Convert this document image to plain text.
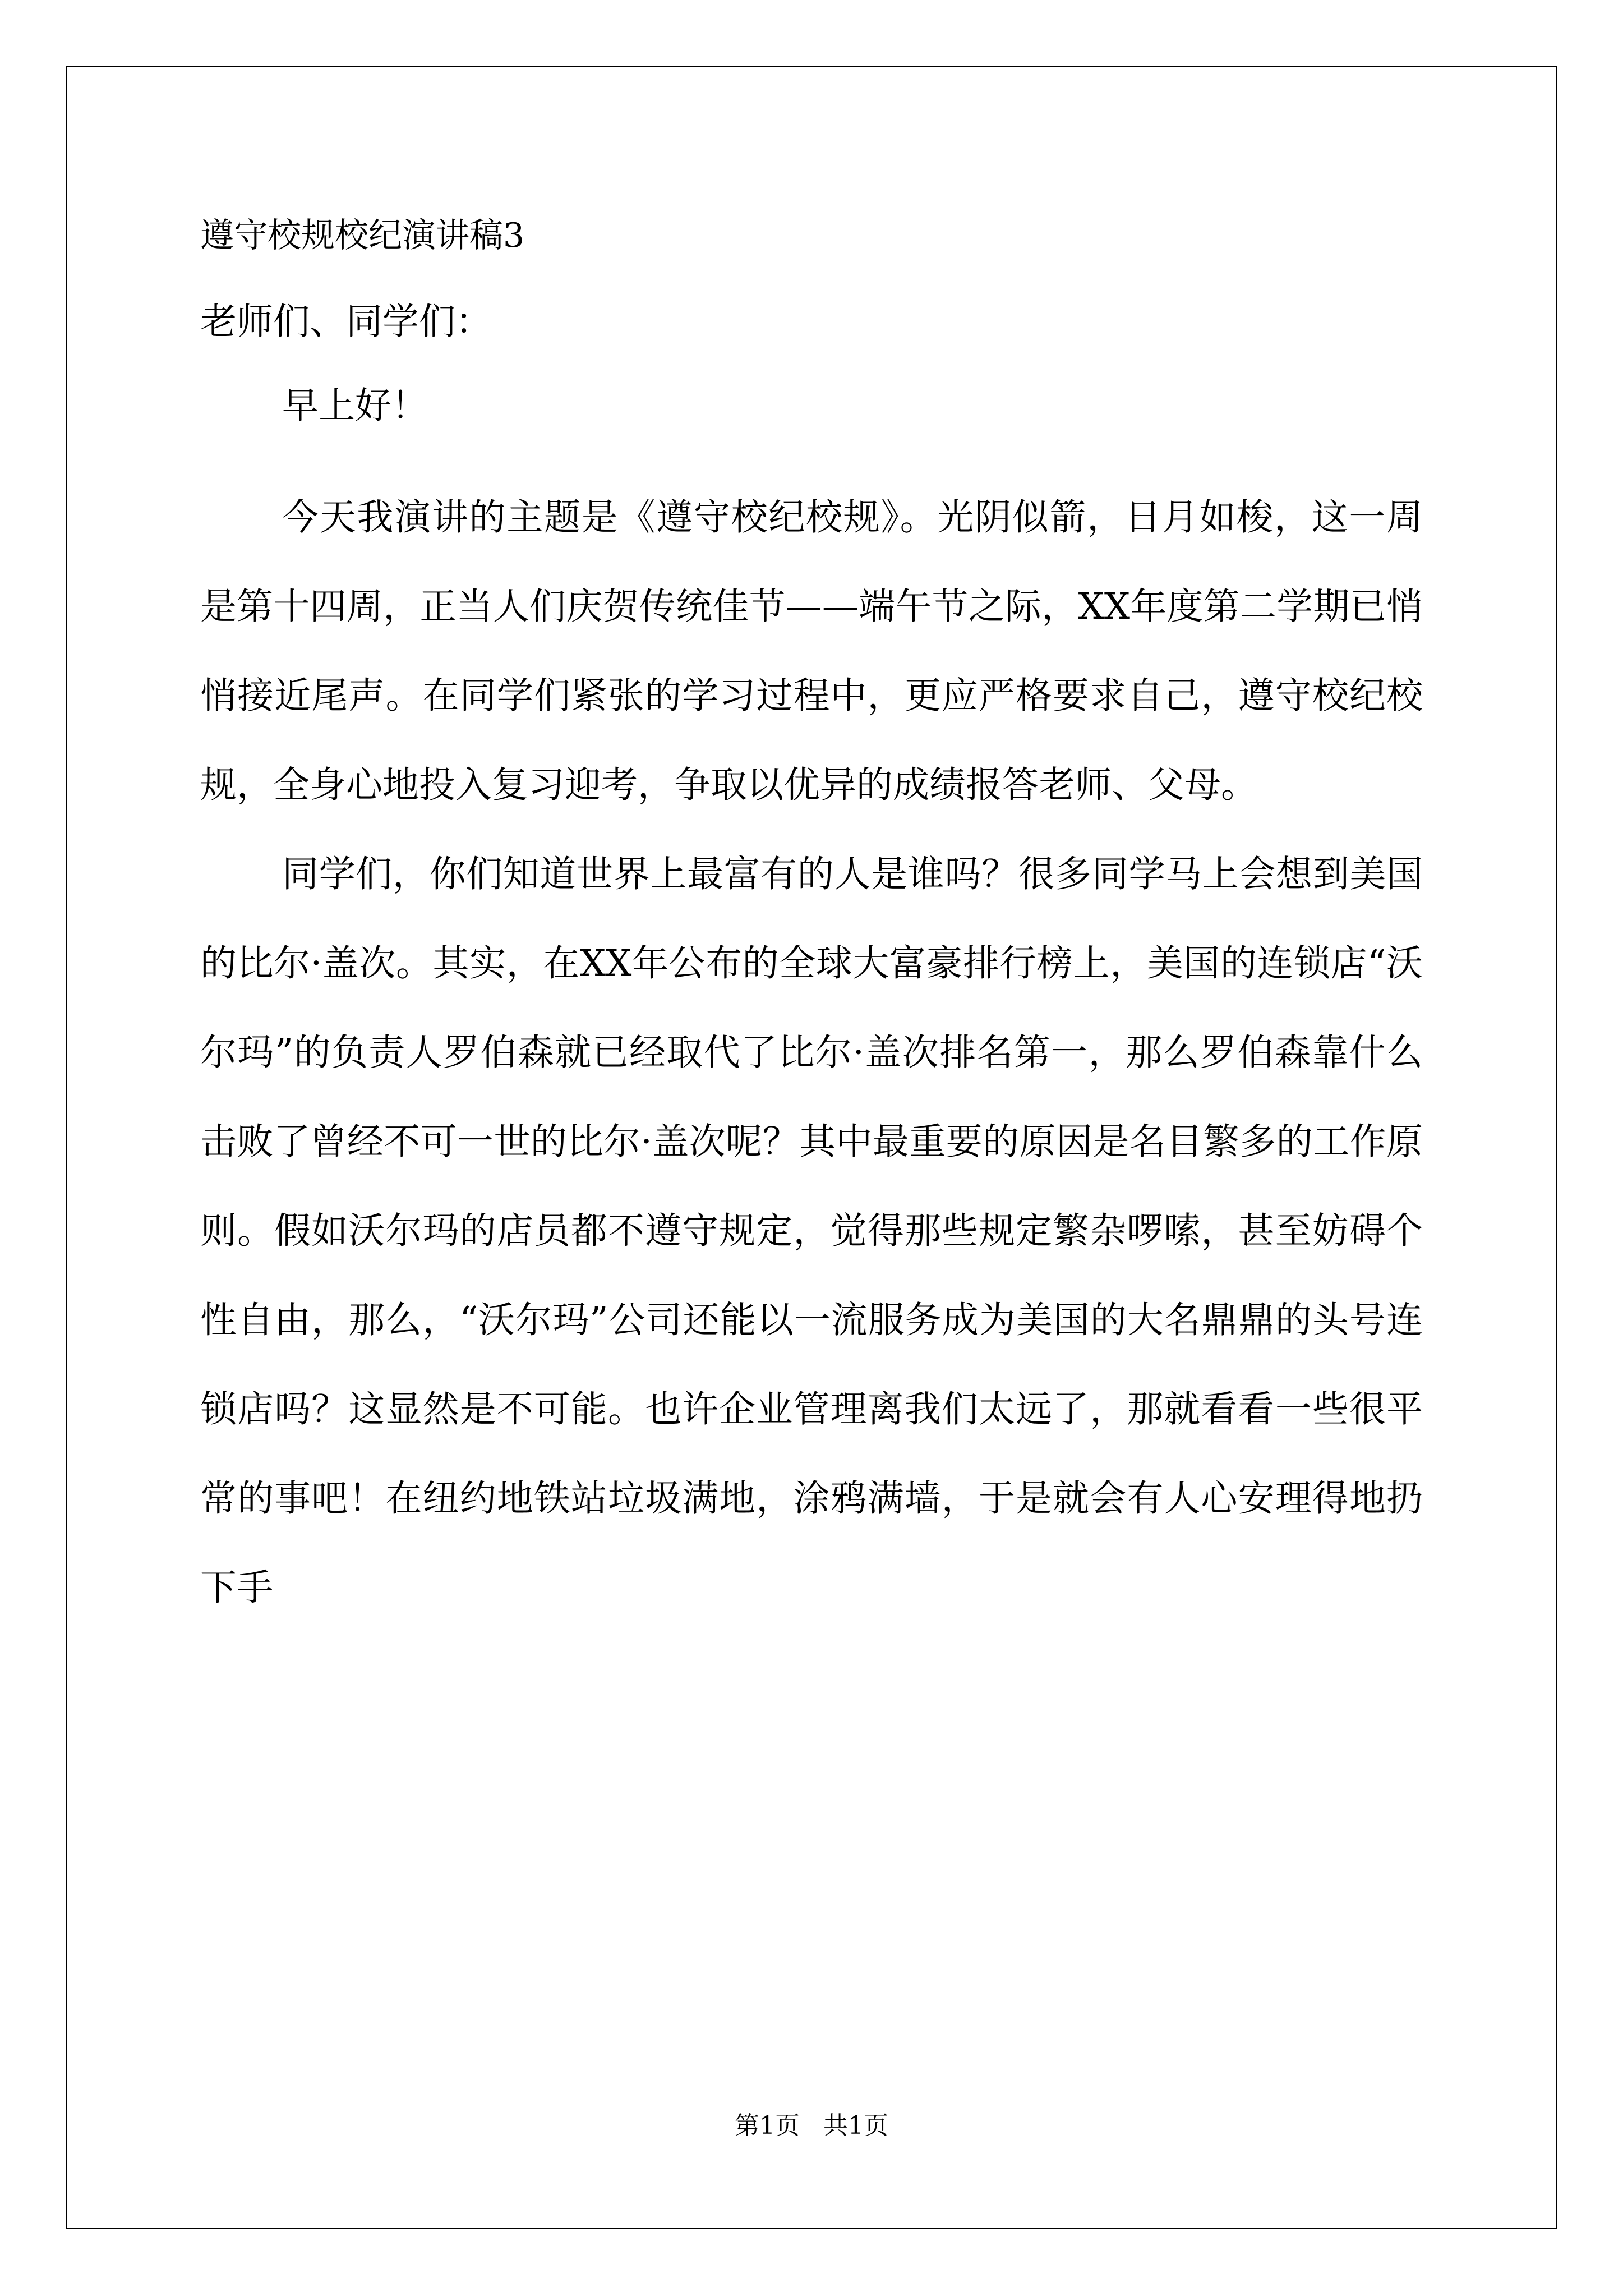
遵守校规校纪演讲稿3
老师们、同学们：

早上好！

今天我演讲的主题是《遵守校纪校规》。光阴似箭，日月如梭，这一周是第十四周，正当人们庆贺传统佳节——端午节之际，XX年度第二学期已悄悄接近尾声。在同学们紧张的学习过程中，更应严格要求自己，遵守校纪校规，全身心地投入复习迎考，争取以优异的成绩报答老师、父母。

同学们，你们知道世界上最富有的人是谁吗？很多同学马上会想到美国的比尔·盖次。其实，在XX年公布的全球大富豪排行榜上，美国的连锁店“沃尔玛”的负责人罗伯森就已经取代了比尔·盖次排名第一，那么罗伯森靠什么击败了曾经不可一世的比尔·盖次呢？其中最重要的原因是名目繁多的工作原则。假如沃尔玛的店员都不遵守规定，觉得那些规定繁杂啰嗦，甚至妨碍个性自由，那么，“沃尔玛”公司还能以一流服务成为美国的大名鼎鼎的头号连锁店吗？这显然是不可能。也许企业管理离我们太远了，那就看看一些很平常的事吧！在纽约地铁站垃圾满地，涂鸦满墙，于是就会有人心安理得地扔下手

第1页   共1页
